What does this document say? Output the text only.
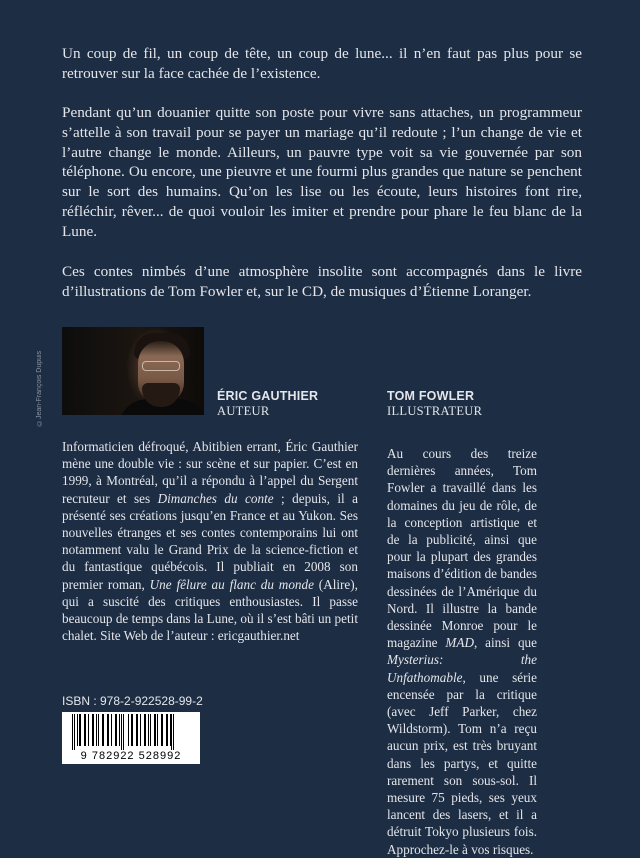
Un coup de fil, un coup de tête, un coup de lune... il n’en faut pas plus pour se retrouver sur la face cachée de l’existence.

Pendant qu’un douanier quitte son poste pour vivre sans attaches, un programmeur s’attelle à son travail pour se payer un mariage qu’il redoute ; l’un change de vie et l’autre change le monde. Ailleurs, un pauvre type voit sa vie gouvernée par son téléphone. Ou encore, une pieuvre et une fourmi plus grandes que nature se penchent sur le sort des humains. Qu’on les lise ou les écoute, leurs histoires font rire, réfléchir, rêver... de quoi vouloir les imiter et prendre pour phare le feu blanc de la Lune.

Ces contes nimbés d’une atmosphère insolite sont accompagnés dans le livre d’illustrations de Tom Fowler et, sur le CD, de musiques d’Étienne Loranger.

©Jean-François Dupuis	ÉRIC GAUTHIER

AUTEUR

TOM FOWLER

ILLUSTRATEUR

Informaticien défroqué, Abitibien errant, Éric Gauthier mène une double vie : sur scène et sur papier. C’est en 1999, à Montréal, qu’il a répondu à l’appel du Sergent recruteur et ses Dimanches du conte ; depuis, il a présenté ses créations jusqu’en France et au Yukon. Ses nouvelles étranges et ses contes contemporains lui ont notamment valu le Grand Prix de la science-fiction et du fantastique québécois. Il publiait en 2008 son premier roman, Une fêlure au flanc du monde (Alire), qui a suscité des critiques enthousiastes. Il passe beaucoup de temps dans la Lune, où il s’est bâti un petit chalet. Site Web de l’auteur : ericgauthier.net

Au cours des treize dernières années, Tom Fowler a travaillé dans les domaines du jeu de rôle, de la conception artistique et de la publicité, ainsi que pour la plupart des grandes maisons d’édition de bandes dessinées de l’Amérique du Nord. Il illustre la bande dessinée Monroe pour le magazine MAD, ainsi que Mysterius: the Unfathomable, une série encensée par la critique (avec Jeff Parker, chez Wildstorm). Tom n’a reçu aucun prix, est très bruyant dans les partys, et quitte rarement son sous-sol. Il mesure 75 pieds, ses yeux lancent des lasers, et il a détruit Tokyo plusieurs fois. Approchez-le à vos risques.

ISBN : 978-2-922528-99-2

9 782922 528992
